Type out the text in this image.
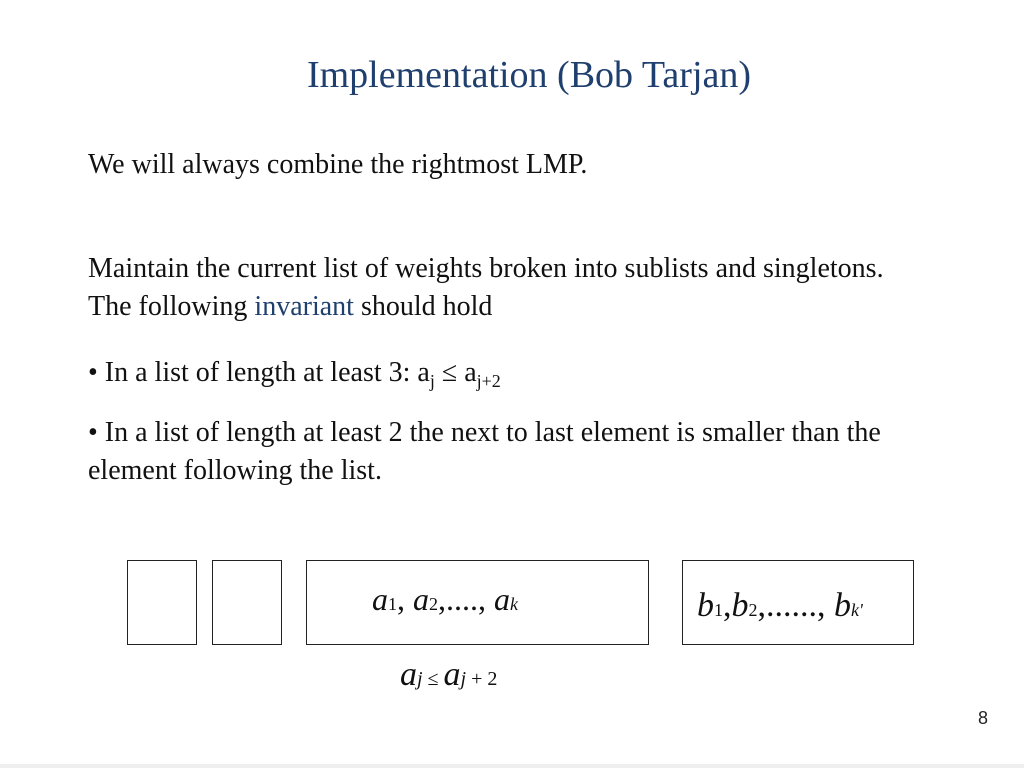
Implementation (Bob Tarjan)

We will always combine the rightmost LMP.

Maintain the current list of weights broken into sublists and singletons. The following invariant should hold

• In a list of length at least 3: $a_j \le a_{j+2}$

• In a list of length at least 2 the next to last element is smaller than the element following the list.

a1, a2,...., ak	b1,b2,......, bk'
aj ≤ aj + 2
8
